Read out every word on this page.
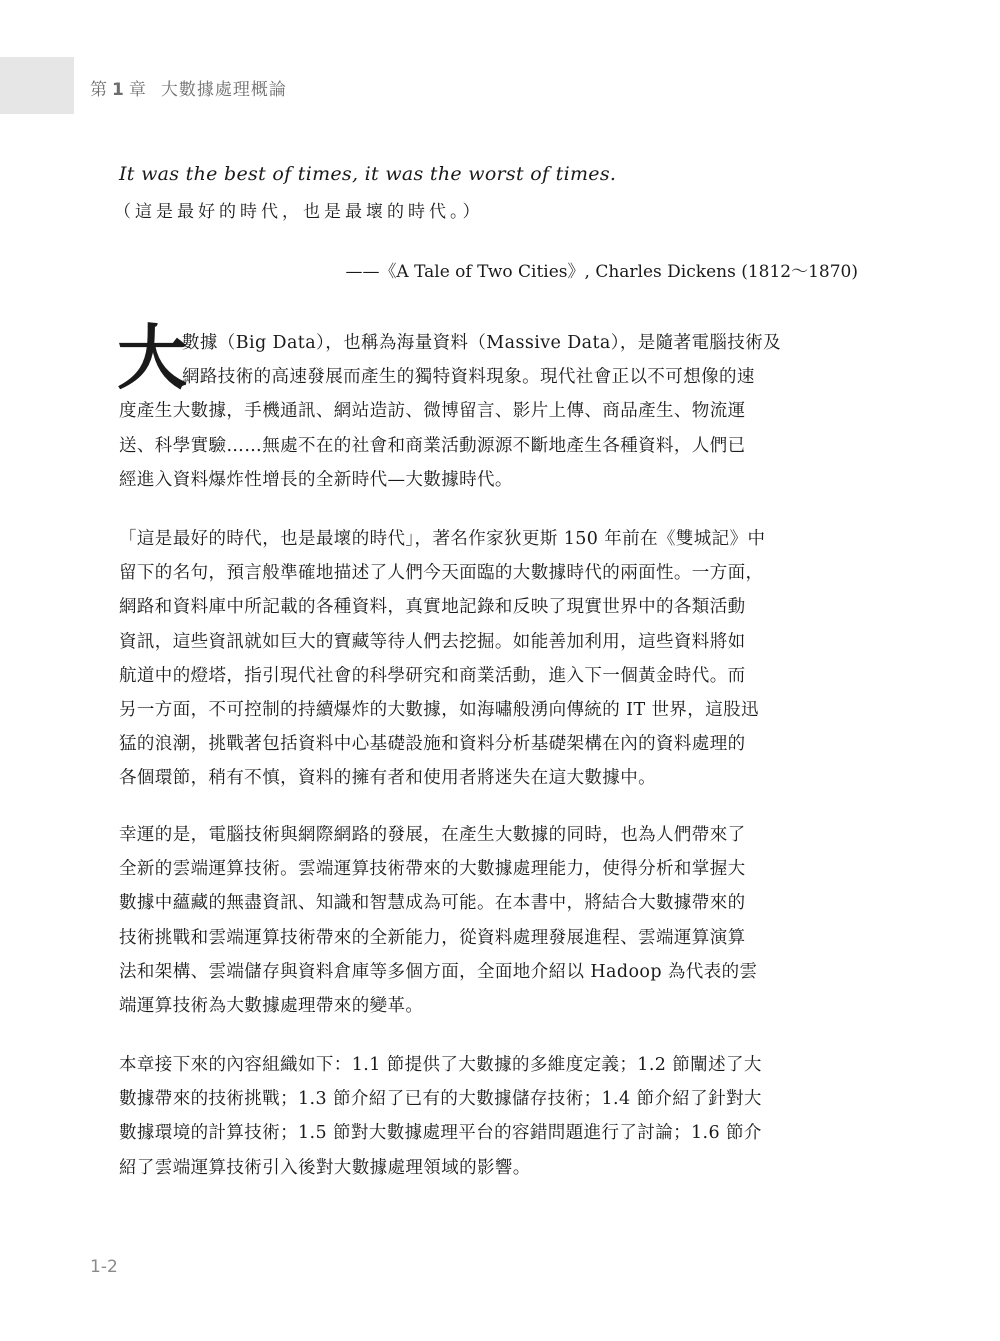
第 1 章 大數據處理概論
It was the best of times, it was the worst of times.
（這是最好的時代，也是最壞的時代。）
——《A Tale of Two Cities》, Charles Dickens (1812～1870)
大

數據（Big Data），也稱為海量資料（Massive Data），是隨著電腦技術及
網路技術的高速發展而產生的獨特資料現象。現代社會正以不可想像的速
度產生大數據，手機通訊、網站造訪、微博留言、影片上傳、商品產生、物流運
送、科學實驗……無處不在的社會和商業活動源源不斷地產生各種資料，人們已
經進入資料爆炸性增長的全新時代—大數據時代。

「這是最好的時代，也是最壞的時代」，著名作家狄更斯 150 年前在《雙城記》中
留下的名句，預言般準確地描述了人們今天面臨的大數據時代的兩面性。一方面，
網路和資料庫中所記載的各種資料，真實地記錄和反映了現實世界中的各類活動
資訊，這些資訊就如巨大的寶藏等待人們去挖掘。如能善加利用，這些資料將如
航道中的燈塔，指引現代社會的科學研究和商業活動，進入下一個黃金時代。而
另一方面，不可控制的持續爆炸的大數據，如海嘯般湧向傳統的 IT 世界，這股迅
猛的浪潮，挑戰著包括資料中心基礎設施和資料分析基礎架構在內的資料處理的
各個環節，稍有不慎，資料的擁有者和使用者將迷失在這大數據中。

幸運的是，電腦技術與網際網路的發展，在產生大數據的同時，也為人們帶來了
全新的雲端運算技術。雲端運算技術帶來的大數據處理能力，使得分析和掌握大
數據中蘊藏的無盡資訊、知識和智慧成為可能。在本書中，將結合大數據帶來的
技術挑戰和雲端運算技術帶來的全新能力，從資料處理發展進程、雲端運算演算
法和架構、雲端儲存與資料倉庫等多個方面，全面地介紹以 Hadoop 為代表的雲
端運算技術為大數據處理帶來的變革。

本章接下來的內容組織如下：1.1 節提供了大數據的多維度定義；1.2 節闡述了大
數據帶來的技術挑戰；1.3 節介紹了已有的大數據儲存技術；1.4 節介紹了針對大
數據環境的計算技術；1.5 節對大數據處理平台的容錯問題進行了討論；1.6 節介
紹了雲端運算技術引入後對大數據處理領域的影響。

1-2
